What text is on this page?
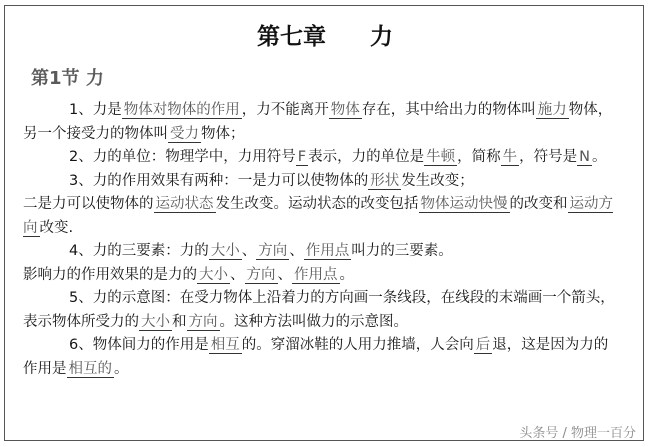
第七章 力
第1节 力

1、力是 物体对物体的作用 ，力不能离开 物体 存在，其中给出力的物体叫 施力 物体，另一个接受力的物体叫 受力 物体；

2、力的单位：物理学中，力用符号 F 表示，力的单位是 牛顿 ，简称 牛 ，符号是 N 。

3、力的作用效果有两种：一是力可以使物体的 形状 发生改变；

二是力可以使物体的 运动状态 发生改变。运动状态的改变包括 物体运动快慢 的改变和 运动方向 改变.

4、力的三要素：力的 大小 、 方向 、 作用点 叫力的三要素。

影响力的作用效果的是力的 大小 、 方向 、 作用点 。

5、力的示意图：在受力物体上沿着力的方向画一条线段，在线段的末端画一个箭头，表示物体所受力的 大小 和 方向 。这种方法叫做力的示意图。

6、物体间力的作用是 相互 的。穿溜冰鞋的人用力推墙，人会向 后 退，这是因为力的作用是 相互的 。

头条号 / 物理一百分
